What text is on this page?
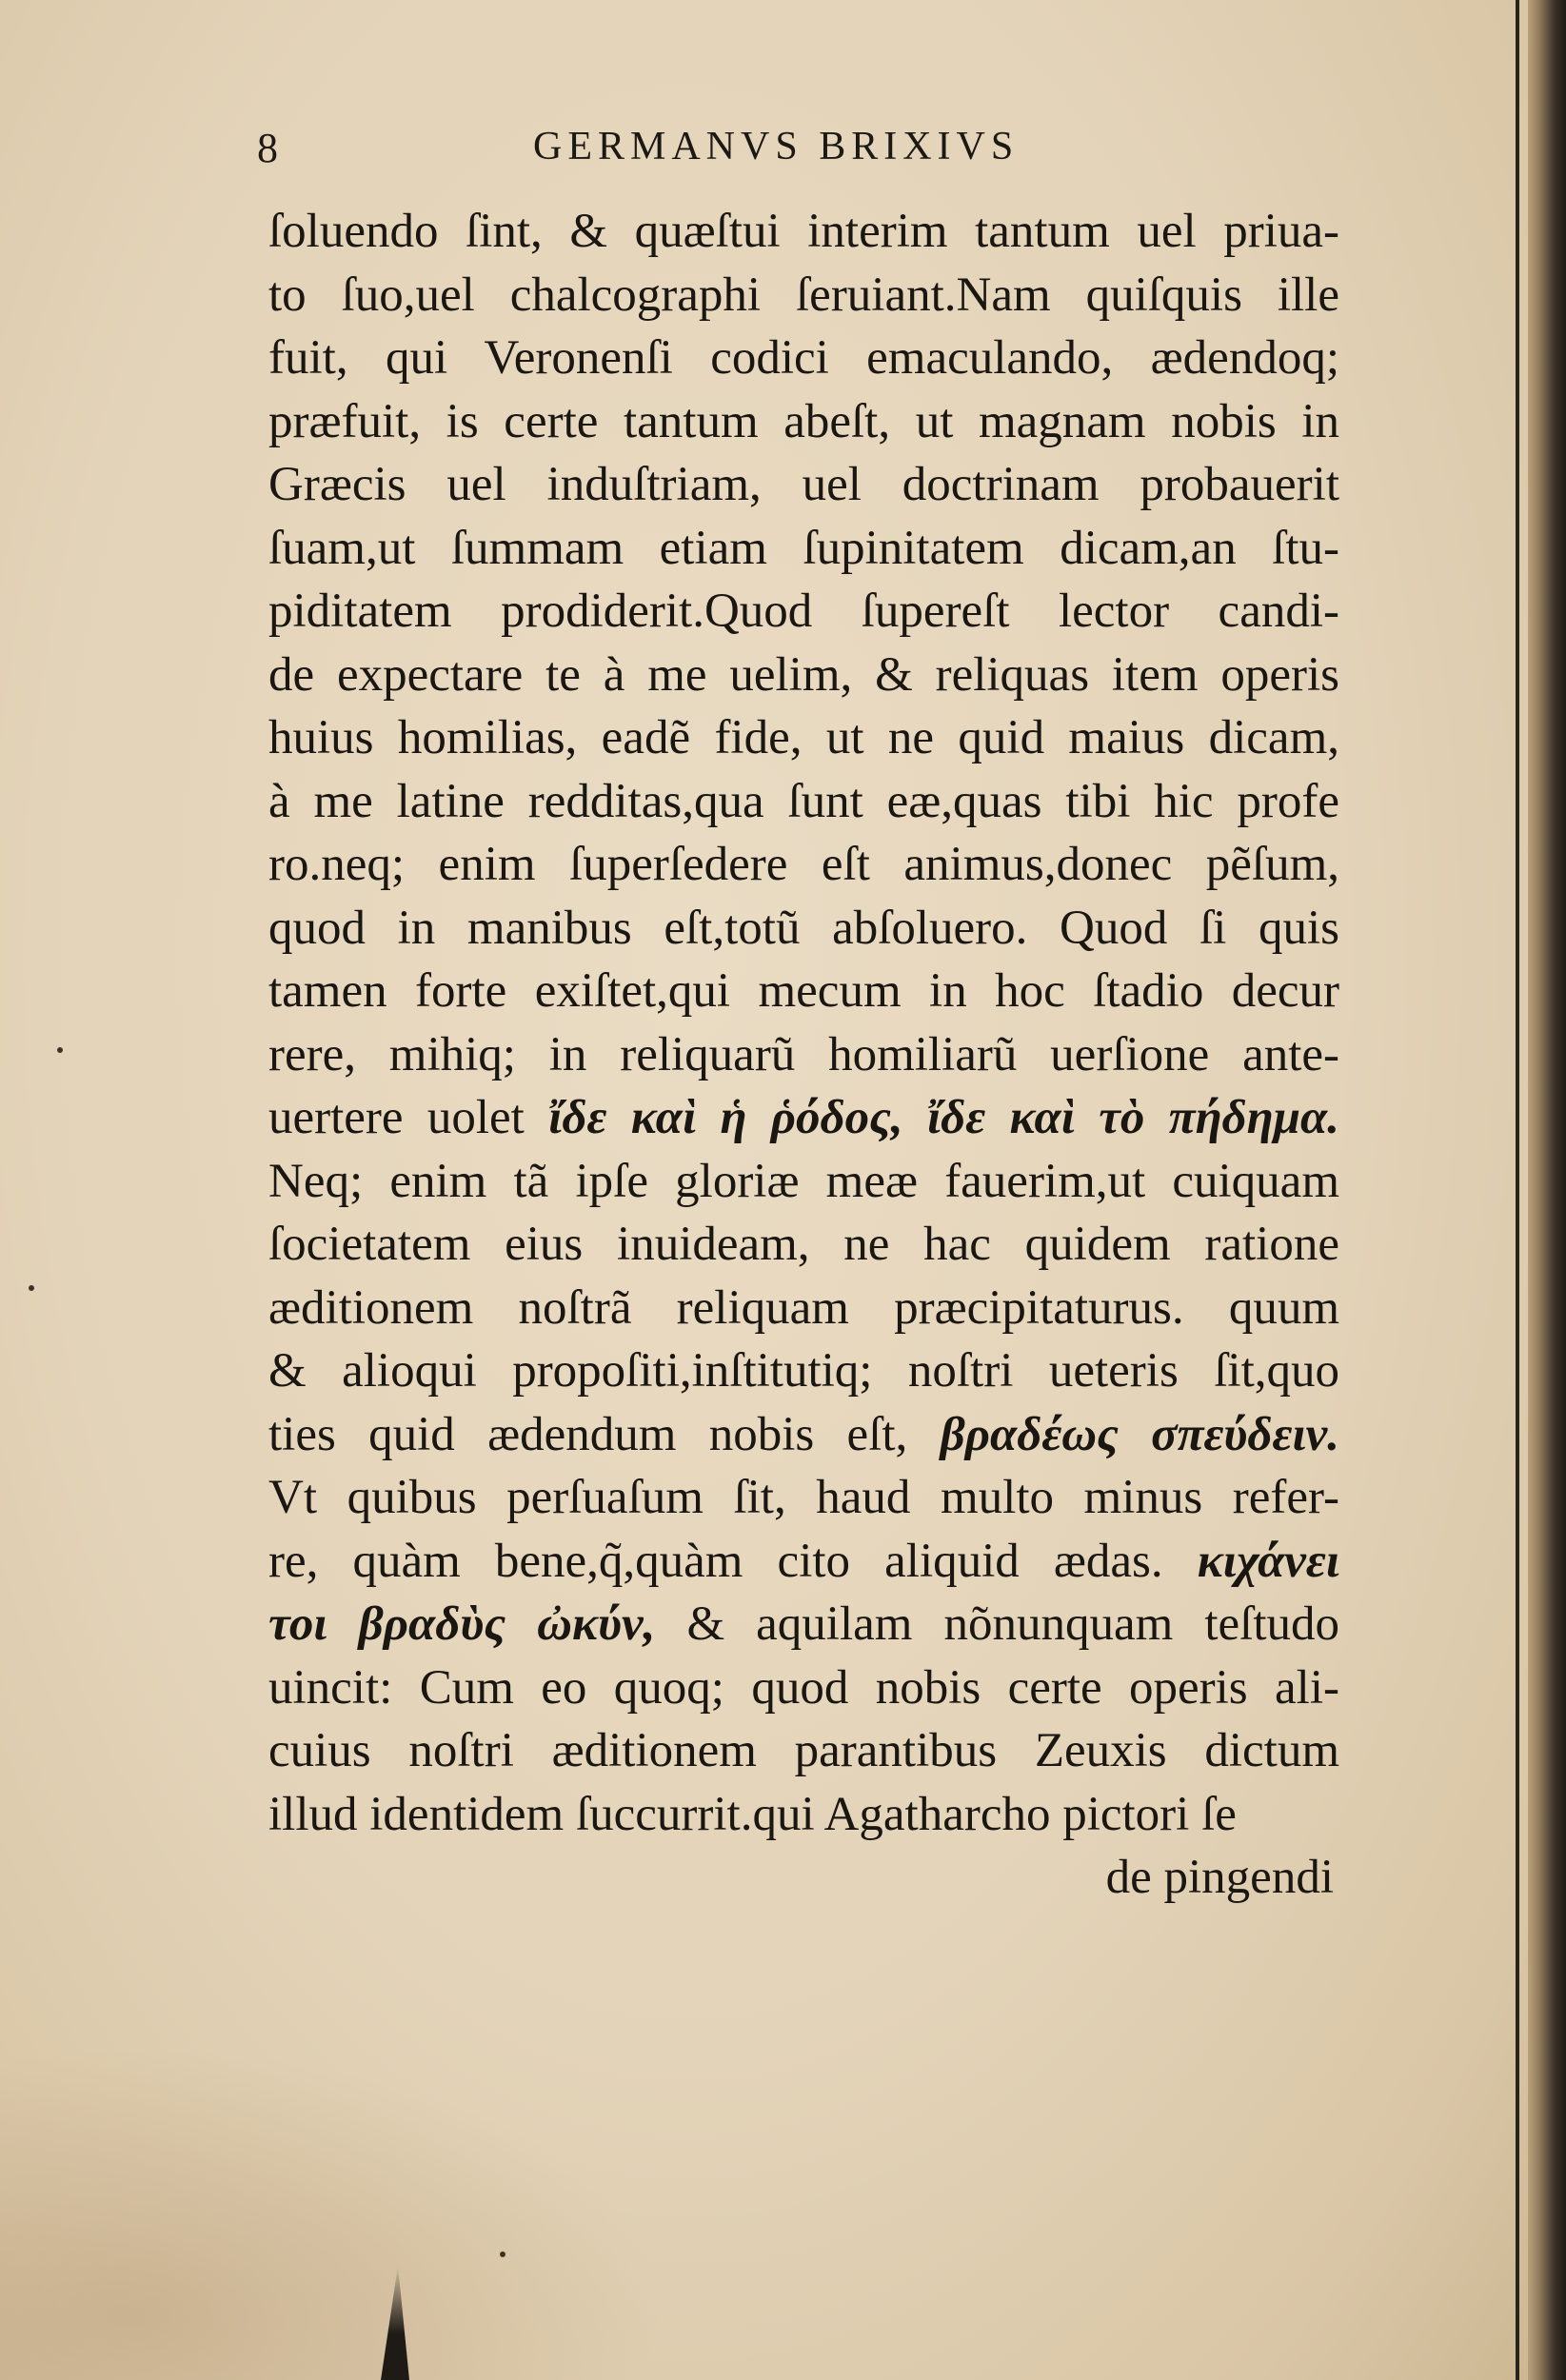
8	GERMANVS BRIXIVS
ſoluendo ſint, & quæſtui interim tantum uel priua-
to ſuo,uel chalcographi ſeruiant.Nam quiſquis ille
fuit, qui Veronenſi codici emaculando, ædendoq;
præfuit, is certe tantum abeſt, ut magnam nobis in
Græcis uel induſtriam, uel doctrinam probauerit
ſuam,ut ſummam etiam ſupinitatem dicam,an ſtu-
piditatem prodiderit.Quod ſupereſt lector candi-
de expectare te à me uelim, & reliquas item operis
huius homilias, eadẽ fide, ut ne quid maius dicam,
à me latine redditas,qua ſunt eæ,quas tibi hic profe
ro.neq; enim ſuperſedere eſt animus,donec pẽſum,
quod in manibus eſt,totũ abſoluero. Quod ſi quis
tamen forte exiſtet,qui mecum in hoc ſtadio decur
rere, mihiq; in reliquarũ homiliarũ uerſione ante-
uertere uolet ἴδε καὶ ἡ ῥόδος, ἴδε καὶ τὸ πήδημα.
Neq; enim tã ipſe gloriæ meæ fauerim,ut cuiquam
ſocietatem eius inuideam, ne hac quidem ratione
æditionem noſtrã reliquam præcipitaturus. quum
& alioqui propoſiti,inſtitutiq; noſtri ueteris ſit,quo
ties quid ædendum nobis eſt, βραδέως σπεύδειν.
Vt quibus perſuaſum ſit, haud multo minus refer-
re, quàm bene,q̃,quàm cito aliquid ædas. κιχάνει
τοι βραδὺς ὠκύν, & aquilam nõnunquam teſtudo
uincit: Cum eo quoq; quod nobis certe operis ali-
cuius noſtri æditionem parantibus Zeuxis dictum
illud identidem ſuccurrit.qui Agatharcho pictori ſe
de pingendi
